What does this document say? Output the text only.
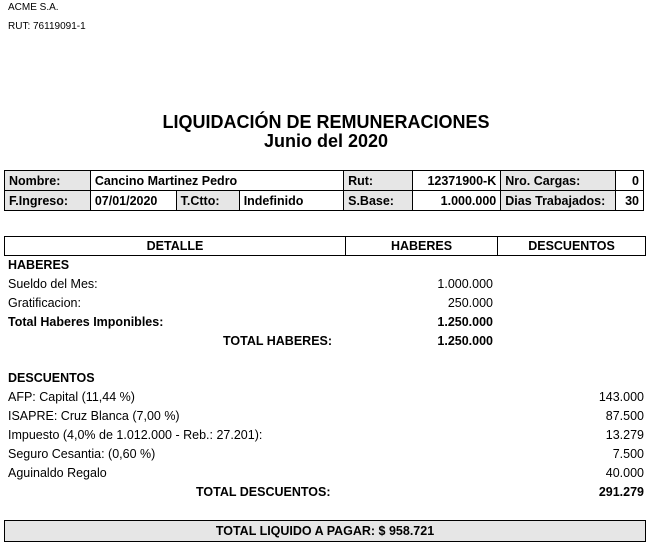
ACME S.A.
RUT: 76119091-1
LIQUIDACIÓN DE REMUNERACIONES
Junio del 2020
Nombre:	Cancino Martinez Pedro			Rut:	12371900-K	Nro. Cargas:	0
F.Ingreso:	07/01/2020	T.Ctto:	Indefinido	S.Base:	1.000.000	Dias Trabajados:	30
DETALLE	HABERES	DESCUENTOS
HABERES
Sueldo del Mes:	1.000.000
Gratificacion:	250.000
Total Haberes Imponibles:	1.250.000
TOTAL HABERES:	1.250.000
DESCUENTOS
AFP: Capital (11,44 %)	143.000
ISAPRE: Cruz Blanca (7,00 %)	87.500
Impuesto (4,0% de 1.012.000 - Reb.: 27.201):	13.279
Seguro Cesantia: (0,60 %)	7.500
Aguinaldo Regalo	40.000
TOTAL DESCUENTOS:	291.279
TOTAL LIQUIDO A PAGAR: $ 958.721
